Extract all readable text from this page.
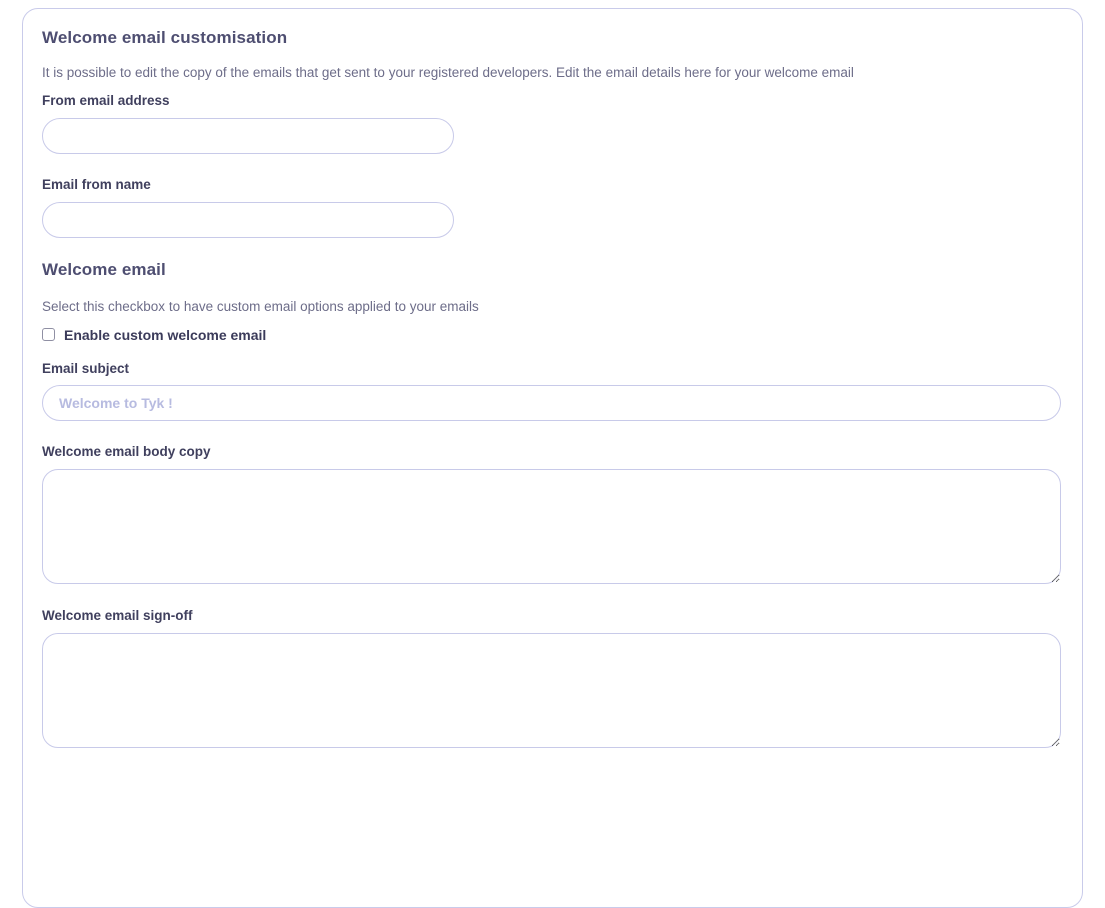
Welcome email customisation

It is possible to edit the copy of the emails that get sent to your registered developers. Edit the email details here for your welcome email

From email address
Email from name
Welcome email

Select this checkbox to have custom email options applied to your emails

Enable custom welcome email
Email subject
Welcome to Tyk !
Welcome email body copy
Welcome email sign-off
